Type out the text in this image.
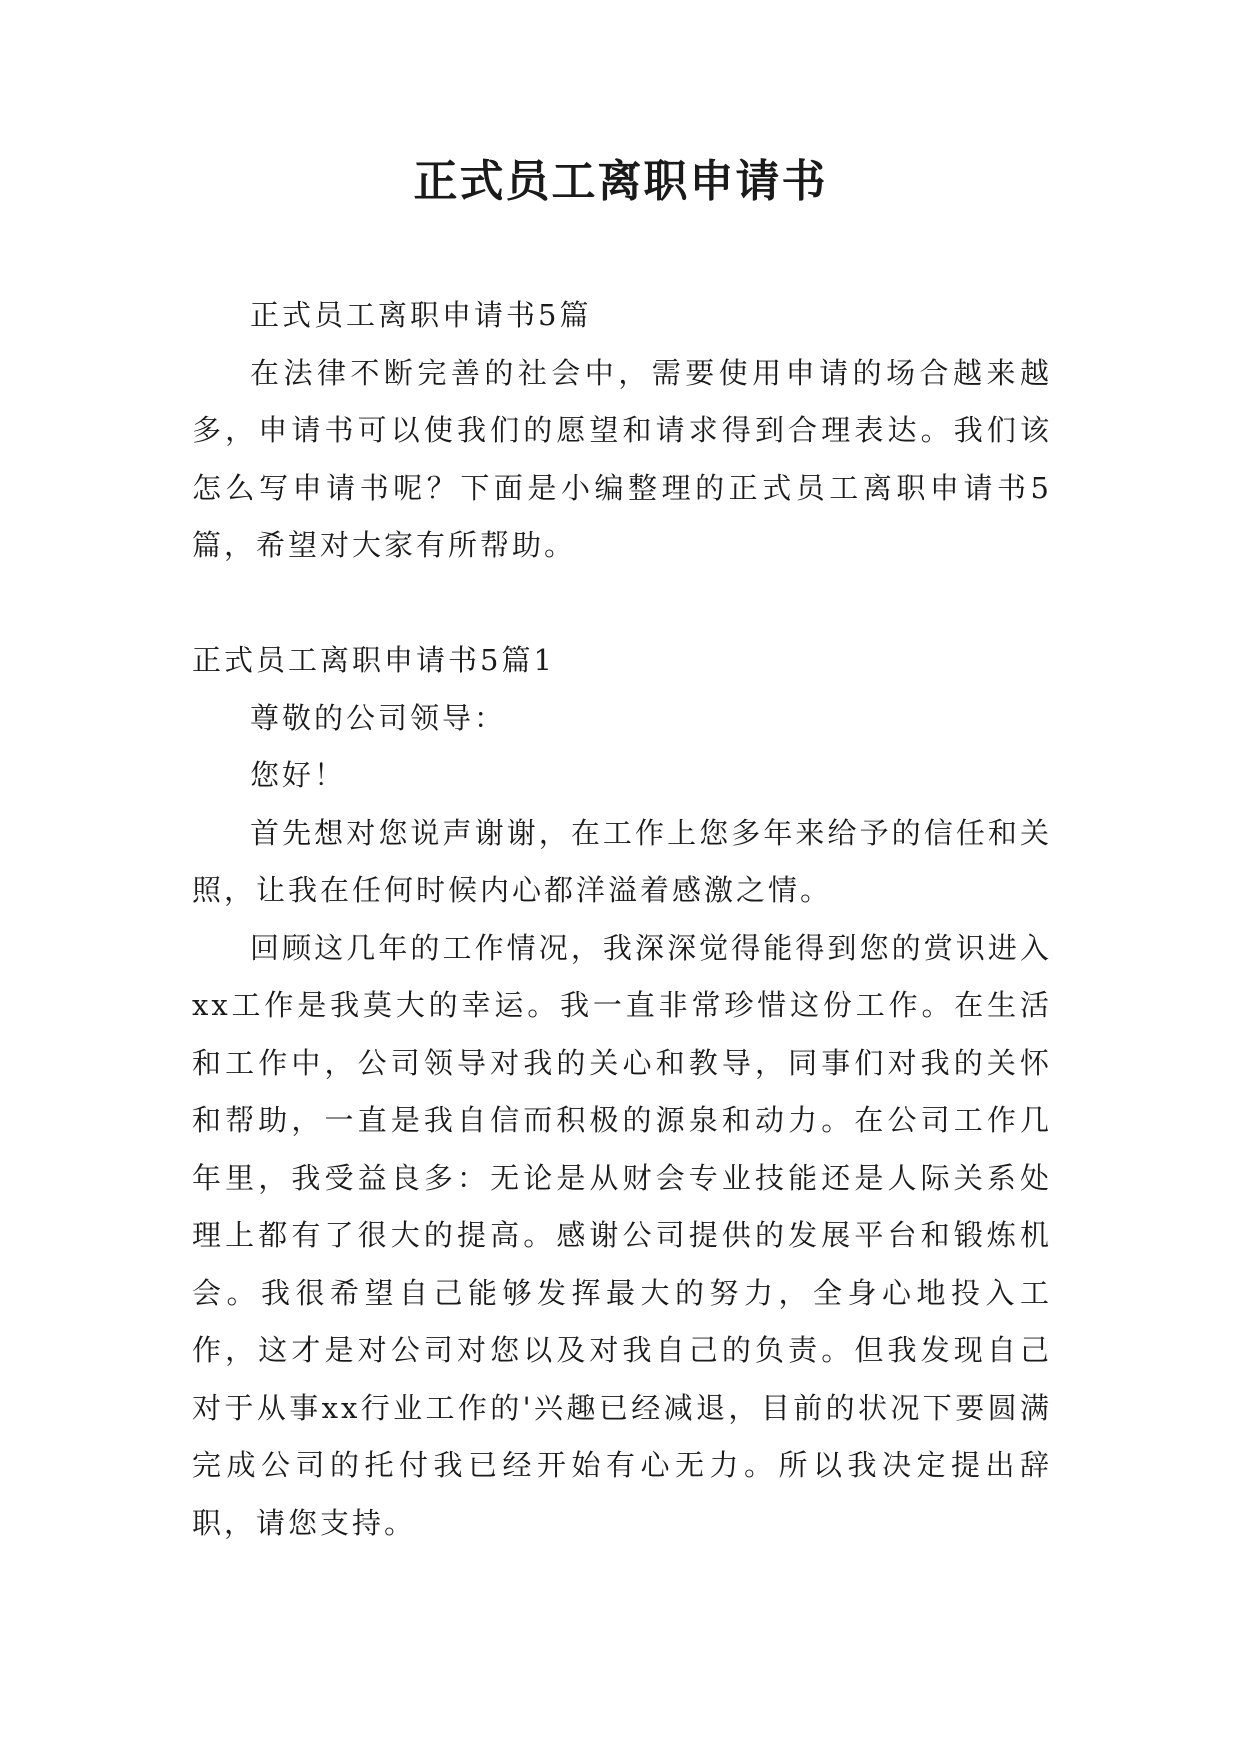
正式员工离职申请书

正式员工离职申请书5篇

在法律不断完善的社会中，需要使用申请的场合越来越多，申请书可以使我们的愿望和请求得到合理表达。我们该怎么写申请书呢？下面是小编整理的正式员工离职申请书5篇，希望对大家有所帮助。

正式员工离职申请书5篇1

尊敬的公司领导：

您好！

首先想对您说声谢谢，在工作上您多年来给予的信任和关照，让我在任何时候内心都洋溢着感激之情。

回顾这几年的工作情况，我深深觉得能得到您的赏识进入xx工作是我莫大的幸运。我一直非常珍惜这份工作。在生活和工作中，公司领导对我的关心和教导，同事们对我的关怀和帮助，一直是我自信而积极的源泉和动力。在公司工作几年里，我受益良多：无论是从财会专业技能还是人际关系处理上都有了很大的提高。感谢公司提供的发展平台和锻炼机会。我很希望自己能够发挥最大的努力，全身心地投入工作，这才是对公司对您以及对我自己的负责。但我发现自己对于从事xx行业工作的'兴趣已经减退，目前的状况下要圆满完成公司的托付我已经开始有心无力。所以我决定提出辞职，请您支持。
